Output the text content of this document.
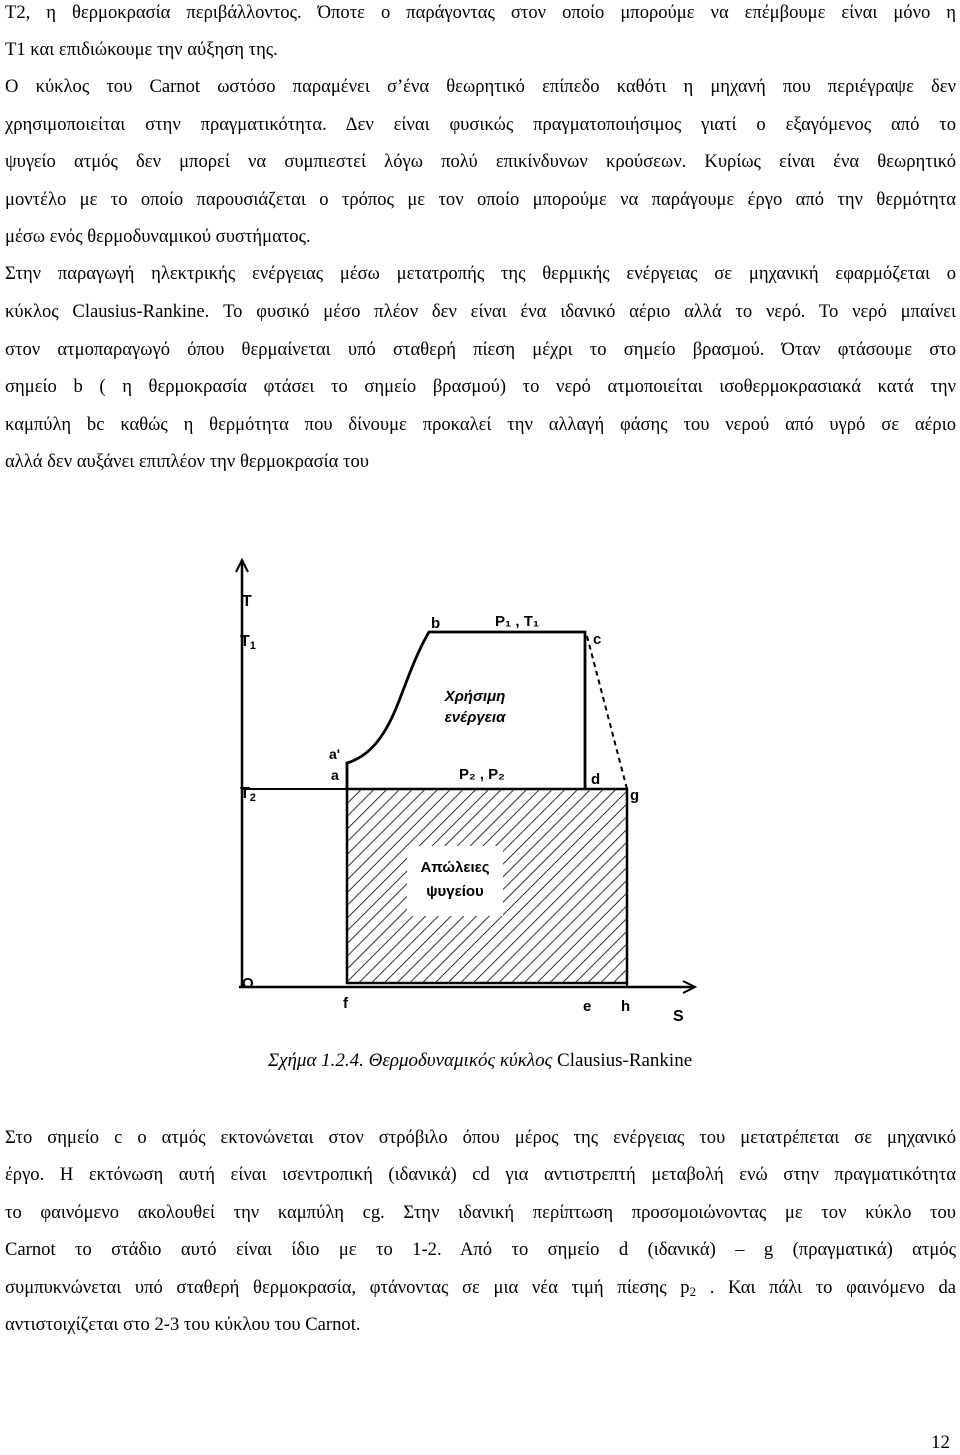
T2, η θερμοκρασία περιβάλλοντος. Όποτε ο παράγοντας στον οποίο μπορούμε να επέμβουμε είναι μόνο η
T1 και επιδιώκουμε την αύξηση της.
Ο κύκλος του Carnot ωστόσο παραμένει σ’ένα θεωρητικό επίπεδο καθότι η μηχανή που περιέγραψε δεν
χρησιμοποιείται στην πραγματικότητα. Δεν είναι φυσικώς πραγματοποιήσιμος γιατί ο εξαγόμενος από το
ψυγείο ατμός δεν μπορεί να συμπιεστεί λόγω πολύ επικίνδυνων κρούσεων. Κυρίως είναι ένα θεωρητικό
μοντέλο με το οποίο παρουσιάζεται ο τρόπος με τον οποίο μπορούμε να παράγουμε έργο από την θερμότητα
μέσω ενός θερμοδυναμικού συστήματος.
Στην παραγωγή ηλεκτρικής ενέργειας μέσω μετατροπής της θερμικής ενέργειας σε μηχανική εφαρμόζεται ο
κύκλος Clausius-Rankine. Το φυσικό μέσο πλέον δεν είναι ένα ιδανικό αέριο αλλά το νερό. Το νερό μπαίνει
στον ατμοπαραγωγό όπου θερμαίνεται υπό σταθερή πίεση μέχρι το σημείο βρασμού. Όταν φτάσουμε στο
σημείο b ( η θερμοκρασία φτάσει το σημείο βρασμού) το νερό ατμοποιείται ισοθερμοκρασιακά κατά την
καμπύλη bc καθώς η θερμότητα που δίνουμε προκαλεί την αλλαγή φάσης του νερού από υγρό σε αέριο
αλλά δεν αυξάνει επιπλέον την θερμοκρασία του
T
T1
T2
O
S
b	P₁ , T₁
c
d
g
a'
a	P₂ , P₂
f	e h
Χρήσιμη
ενέργεια
Απώλειες
ψυγείου
Σχήμα 1.2.4. Θερμοδυναμικός κύκλος Clausius-Rankine
Στο σημείο c ο ατμός εκτονώνεται στον στρόβιλο όπου μέρος της ενέργειας του μετατρέπεται σε μηχανικό
έργο. Η εκτόνωση αυτή είναι ισεντροπική (ιδανικά) cd για αντιστρεπτή μεταβολή ενώ στην πραγματικότητα
το φαινόμενο ακολουθεί την καμπύλη cg. Στην ιδανική περίπτωση προσομοιώνοντας με τον κύκλο του
Carnot το στάδιο αυτό είναι ίδιο με το 1-2. Από το σημείο d (ιδανικά) – g (πραγματικά) ατμός
συμπυκνώνεται υπό σταθερή θερμοκρασία, φτάνοντας σε μια νέα τιμή πίεσης $p_2$ . Και πάλι το φαινόμενο da
αντιστοιχίζεται στο 2-3 του κύκλου του Carnot.
12
